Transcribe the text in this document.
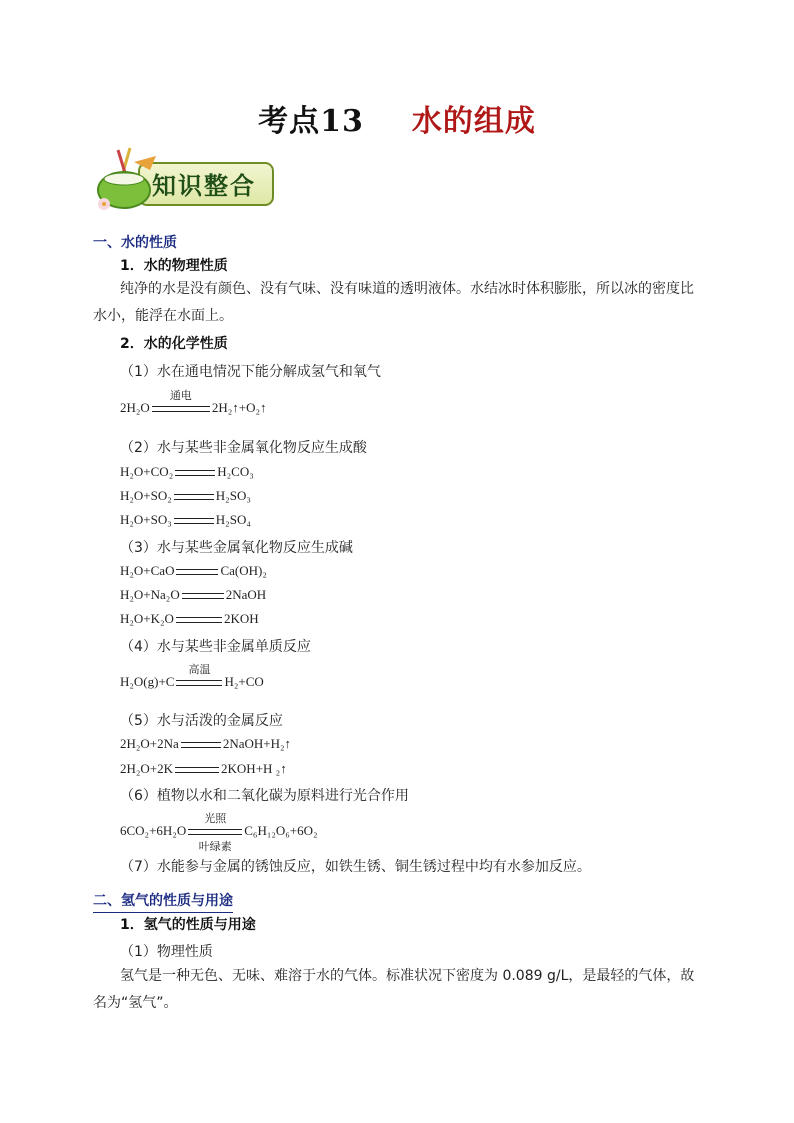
考点13 水的组成
知识整合
一、水的性质
1．水的物理性质
纯净的水是没有颜色、没有气味、没有味道的透明液体。水结冰时体积膨胀，所以冰的密度比水小，能浮在水面上。
2．水的化学性质
（1）水在通电情况下能分解成氢气和氧气
2H₂O
通电
2H₂↑+O₂↑
（2）水与某些非金属氧化物反应生成酸
H₂O+CO₂	H₂CO₃
H₂O+SO₂	H₂SO₃
H₂O+SO₃	H₂SO₄
（3）水与某些金属氧化物反应生成碱
H₂O+CaO	Ca(OH)₂
H₂O+Na₂O	2NaOH
H₂O+K₂O	2KOH
（4）水与某些非金属单质反应
H₂O(g)+C
高温
H₂+CO
（5）水与活泼的金属反应
2H₂O+2Na	2NaOH+H₂↑
2H₂O+2K	2KOH+H ₂↑
（6）植物以水和二氧化碳为原料进行光合作用
6CO₂+6H₂O
光照
叶绿素
C₆H₁₂O₆+6O₂
（7）水能参与金属的锈蚀反应，如铁生锈、铜生锈过程中均有水参加反应。
二、氢气的性质与用途
1．氢气的性质与用途
（1）物理性质
氢气是一种无色、无味、难溶于水的气体。标准状况下密度为 0.089 g/L，是最轻的气体，故名为“氢气”。
